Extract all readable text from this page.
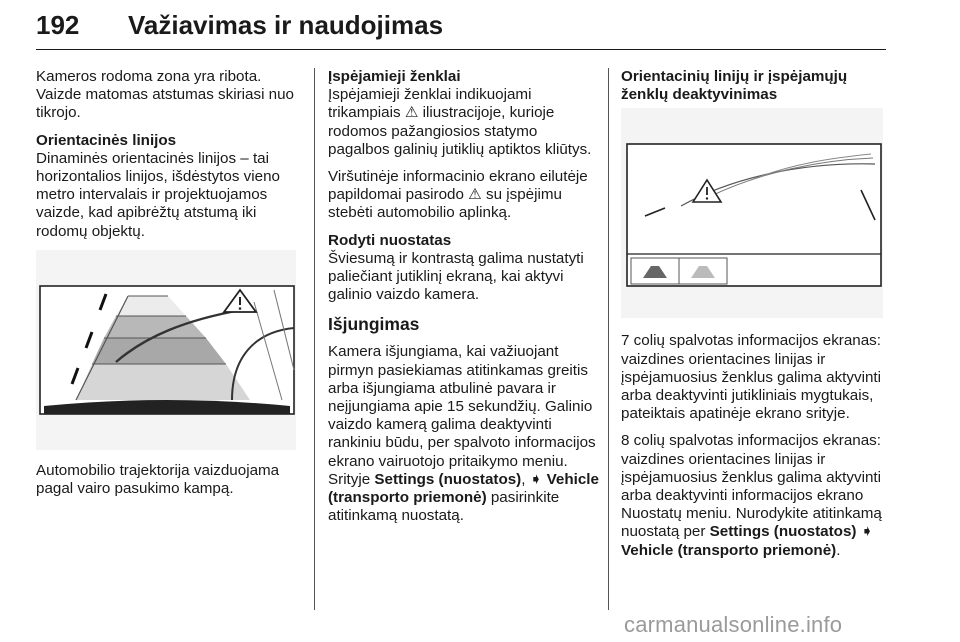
192 Važiavimas ir naudojimas

Kameros rodoma zona yra ribota. Vaizde matomas atstumas skiriasi nuo tikrojo.

Orientacinės linijos

Dinaminės orientacinės linijos – tai horizontalios linijos, išdėstytos vieno metro intervalais ir projektuojamos vaizde, kad apibrėžtų atstumą iki rodomų objektų.

Automobilio trajektorija vaizduojama pagal vairo pasukimo kampą.

Įspėjamieji ženklai

Įspėjamieji ženklai indikuojami trikampiais ⚠ iliustracijoje, kurioje rodomos pažangiosios statymo pagalbos galinių jutiklių aptiktos kliūtys.

Viršutinėje informacinio ekrano eilutėje papildomai pasirodo ⚠ su įspėjimu stebėti automobilio aplinką.

Rodyti nuostatas

Šviesumą ir kontrastą galima nustatyti paliečiant jutiklinį ekraną, kai aktyvi galinio vaizdo kamera.

Išjungimas

Kamera išjungiama, kai važiuojant pirmyn pasiekiamas atitinkamas greitis arba išjungiama atbulinė pavara ir neįjungiama apie 15 sekundžių. Galinio vaizdo kamerą galima deaktyvinti rankiniu būdu, per spalvoto informacijos ekrano vairuotojo pritaikymo meniu. Srityje Settings (nuostatos), ➧ Vehicle (transporto priemonė) pasirinkite atitinkamą nuostatą.

Orientacinių linijų ir įspėjamųjų ženklų deaktyvinimas

7 colių spalvotas informacijos ekranas: vaizdines orientacines linijas ir įspėjamuosius ženklus galima aktyvinti arba deaktyvinti jutikliniais mygtukais, pateiktais apatinėje ekrano srityje.

8 colių spalvotas informacijos ekranas: vaizdines orientacines linijas ir įspėjamuosius ženklus galima aktyvinti arba deaktyvinti informacijos ekrano Nuostatų meniu. Nurodykite atitinkamą nuostatą per Settings (nuostatos) ➧ Vehicle (transporto priemonė).

carmanualsonline.info
